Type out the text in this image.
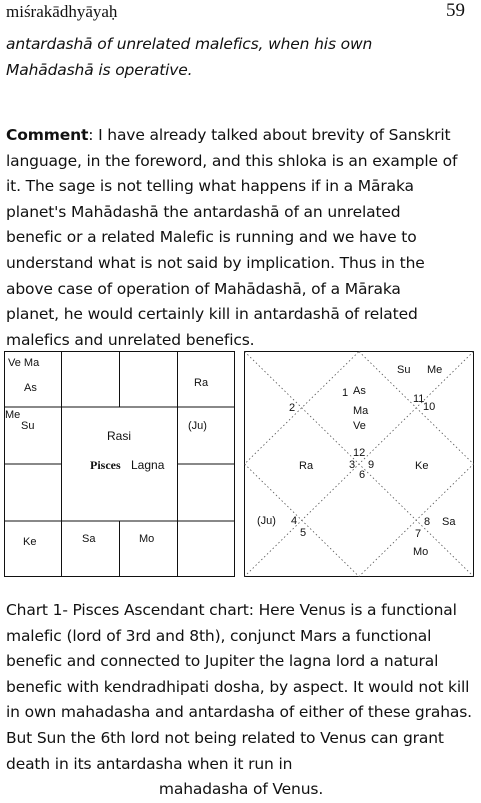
miśrakādhyāyaḥ	59

antardashā of unrelated malefics, when his own Mahādashā is operative.

Comment: I have already talked about brevity of Sanskrit language, in the foreword, and this shloka is an example of it. The sage is not telling what happens if in a Māraka planet's Mahādashā the antardashā of an unrelated benefic or a related Malefic is running and we have to understand what is not said by implication. Thus in the above case of operation of Mahādashā, of a Māraka planet, he would certainly kill in antardashā of related malefics and unrelated benefics.

Ve Ma
As	Ra
Me
Su	(Ju)
Rasi
Pisces Lagna
Ke	Sa	Mo
1
2
3
4
5
6
7
8
9
10
11
12
As
Ma
Ve
Ra
(Ju)
Ke
Su Me
Sa
Mo

Chart 1- Pisces Ascendant chart: Here Venus is a functional malefic (lord of 3rd and 8th), conjunct Mars a functional benefic and connected to Jupiter the lagna lord a natural benefic with kendradhipati dosha, by aspect. It would not kill in own mahadasha and antardasha of either of these grahas. But Sun the 6th lord not being related to Venus can grant death in its antardasha when it run in
mahadasha of Venus.
